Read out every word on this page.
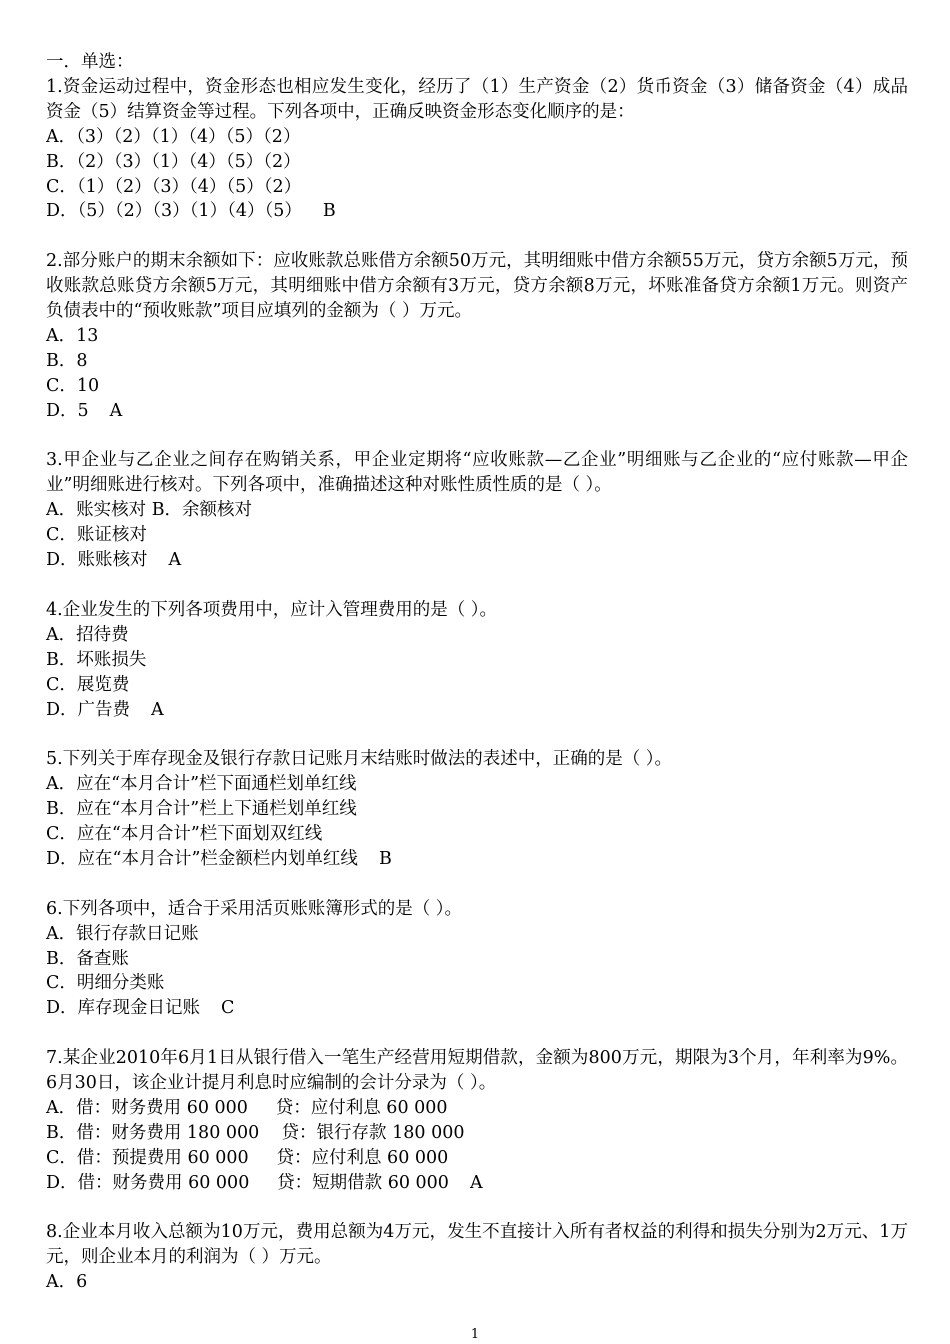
一．单选：
1.资金运动过程中，资金形态也相应发生变化，经历了（1）生产资金（2）货币资金（3）储备资金（4）成品资金（5）结算资金等过程。下列各项中，正确反映资金形态变化顺序的是：
A．（3）（2）（1）（4）（5）（2）
B．（2）（3）（1）（4）（5）（2）
C．（1）（2）（3）（4）（5）（2）
D．（5）（2）（3）（1）（4）（5） B
2.部分账户的期末余额如下：应收账款总账借方余额50万元，其明细账中借方余额55万元，贷方余额5万元，预收账款总账贷方余额5万元，其明细账中借方余额有3万元，贷方余额8万元，坏账准备贷方余额1万元。则资产负债表中的“预收账款”项目应填列的金额为（ ）万元。
A．13
B．8
C．10
D．5 A
3.甲企业与乙企业之间存在购销关系，甲企业定期将“应收账款—乙企业”明细账与乙企业的“应付账款—甲企业”明细账进行核对。下列各项中，准确描述这种对账性质性质的是（ ）。
A．账实核对 B．余额核对
C．账证核对
D．账账核对 A
4.企业发生的下列各项费用中，应计入管理费用的是（ ）。
A．招待费
B．坏账损失
C．展览费
D．广告费 A
5.下列关于库存现金及银行存款日记账月末结账时做法的表述中，正确的是（ ）。
A．应在“本月合计”栏下面通栏划单红线
B．应在“本月合计”栏上下通栏划单红线
C．应在“本月合计”栏下面划双红线
D．应在“本月合计”栏金额栏内划单红线 B
6.下列各项中，适合于采用活页账账簿形式的是（ ）。
A．银行存款日记账
B．备查账
C．明细分类账
D．库存现金日记账 C
7.某企业2010年6月1日从银行借入一笔生产经营用短期借款，金额为800万元，期限为3个月，年利率为9%。6月30日，该企业计提月利息时应编制的会计分录为（ ）。
A．借：财务费用 60 000     贷：应付利息 60 000
B．借：财务费用 180 000    贷：银行存款 180 000
C．借：预提费用 60 000     贷：应付利息 60 000
D．借：财务费用 60 000     贷：短期借款 60 000 A
8.企业本月收入总额为10万元，费用总额为4万元，发生不直接计入所有者权益的利得和损失分别为2万元、1万元，则企业本月的利润为（ ）万元。
A．6
1
